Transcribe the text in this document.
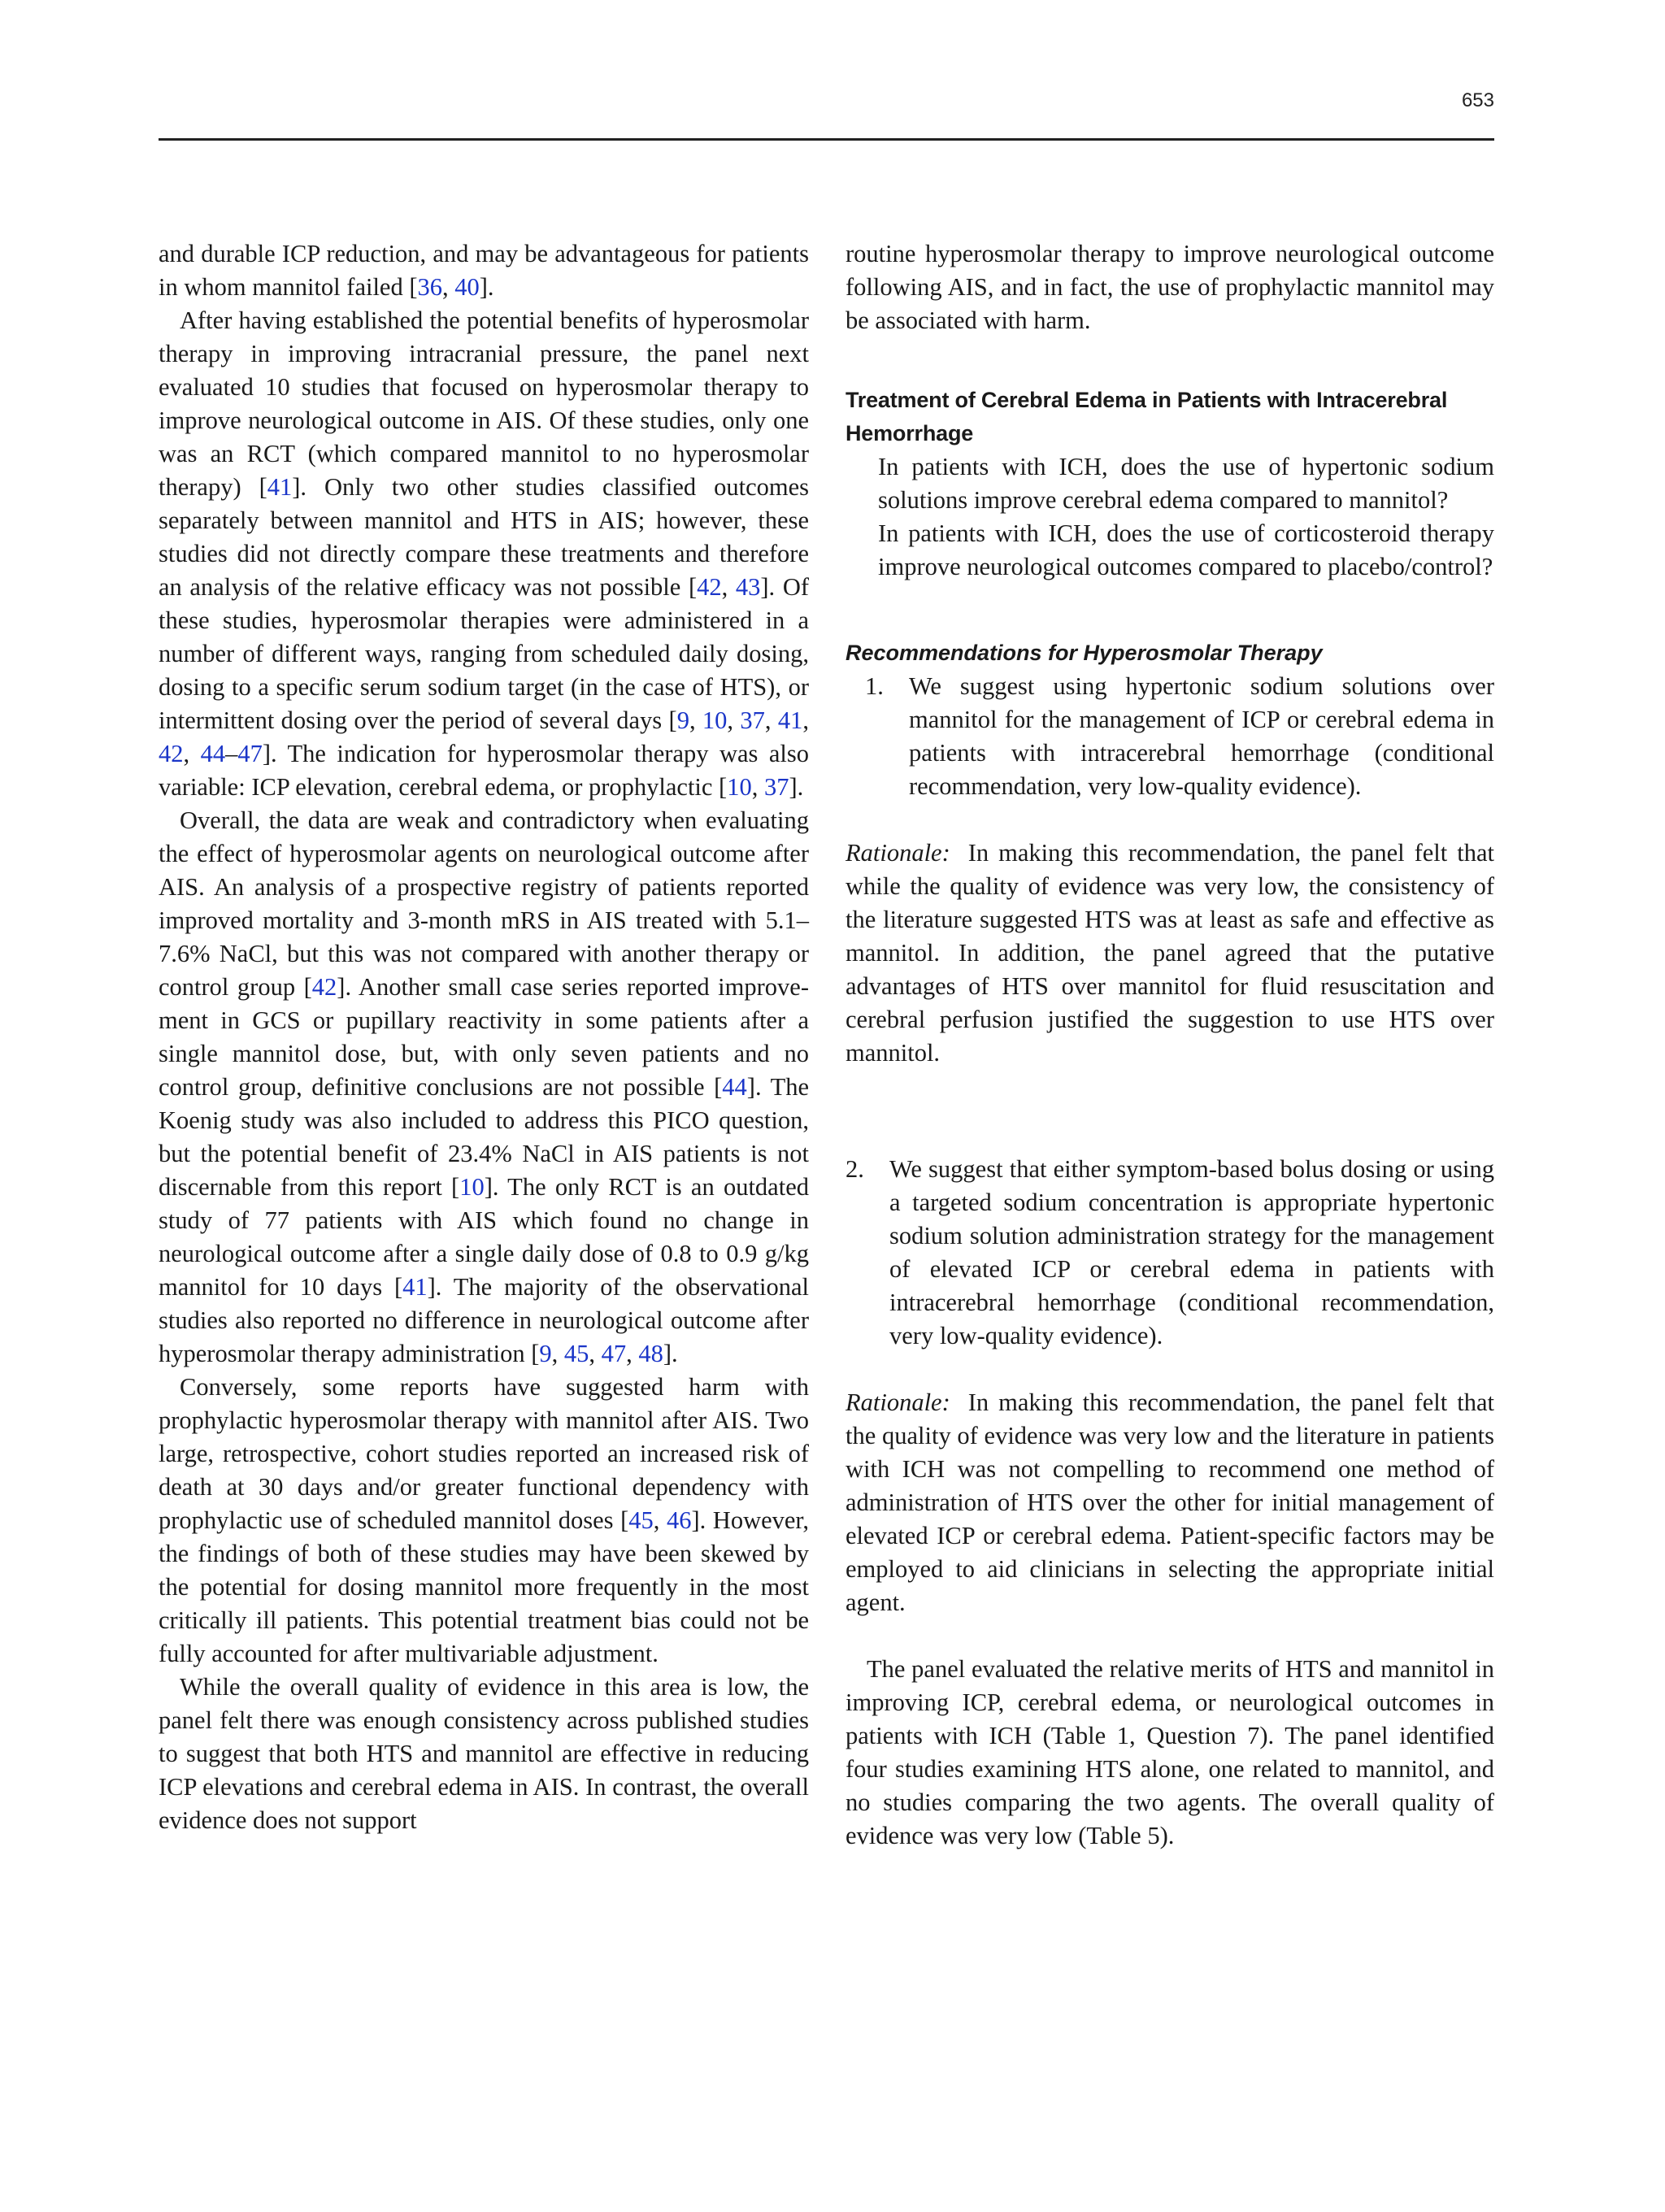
653

and durable ICP reduction, and may be advantageous for patients in whom mannitol failed [36, 40].

After having established the potential benefits of hyperosmolar therapy in improving intracranial pressure, the panel next evaluated 10 studies that focused on hyperosmolar therapy to improve neurological outcome in AIS. Of these studies, only one was an RCT (which compared mannitol to no hyperosmolar therapy) [41]. Only two other studies classified outcomes separately between mannitol and HTS in AIS; however, these studies did not directly compare these treatments and therefore an analysis of the relative efficacy was not possible [42, 43]. Of these studies, hyperosmolar therapies were administered in a number of different ways, ranging from scheduled daily dosing, dosing to a specific serum sodium target (in the case of HTS), or intermittent dosing over the period of several days [9, 10, 37, 41, 42, 44–47]. The indication for hyperosmolar therapy was also variable: ICP elevation, cerebral edema, or prophylactic [10, 37].

Overall, the data are weak and contradictory when evaluating the effect of hyperosmolar agents on neurological outcome after AIS. An analysis of a prospective registry of patients reported improved mortality and 3-month mRS in AIS treated with 5.1–7.6% NaCl, but this was not compared with another therapy or control group [42]. Another small case series reported improvement in GCS or pupillary reactivity in some patients after a single mannitol dose, but, with only seven patients and no control group, definitive conclusions are not possible [44]. The Koenig study was also included to address this PICO question, but the potential benefit of 23.4% NaCl in AIS patients is not discernable from this report [10]. The only RCT is an outdated study of 77 patients with AIS which found no change in neurological outcome after a single daily dose of 0.8 to 0.9 g/kg mannitol for 10 days [41]. The majority of the observational studies also reported no difference in neurological outcome after hyperosmolar therapy administration [9, 45, 47, 48].

Conversely, some reports have suggested harm with prophylactic hyperosmolar therapy with mannitol after AIS. Two large, retrospective, cohort studies reported an increased risk of death at 30 days and/or greater functional dependency with prophylactic use of scheduled mannitol doses [45, 46]. However, the findings of both of these studies may have been skewed by the potential for dosing mannitol more frequently in the most critically ill patients. This potential treatment bias could not be fully accounted for after multivariable adjustment.

While the overall quality of evidence in this area is low, the panel felt there was enough consistency across published studies to suggest that both HTS and mannitol are effective in reducing ICP elevations and cerebral edema in AIS. In contrast, the overall evidence does not support

routine hyperosmolar therapy to improve neurological outcome following AIS, and in fact, the use of prophylactic mannitol may be associated with harm.

Treatment of Cerebral Edema in Patients with Intracerebral Hemorrhage

In patients with ICH, does the use of hypertonic sodium solutions improve cerebral edema compared to mannitol?

In patients with ICH, does the use of corticosteroid therapy improve neurological outcomes compared to placebo/control?

Recommendations for Hyperosmolar Therapy
1.	We suggest using hypertonic sodium solutions over mannitol for the management of ICP or cerebral edema in patients with intracerebral hemorrhage (conditional recommendation, very low-quality evidence).

Rationale: In making this recommendation, the panel felt that while the quality of evidence was very low, the consistency of the literature suggested HTS was at least as safe and effective as mannitol. In addition, the panel agreed that the putative advantages of HTS over mannitol for fluid resuscitation and cerebral perfusion justified the suggestion to use HTS over mannitol.

2.	We suggest that either symptom-based bolus dosing or using a targeted sodium concentration is appropriate hypertonic sodium solution administration strategy for the management of elevated ICP or cerebral edema in patients with intracerebral hemorrhage (conditional recommendation, very low-quality evidence).

Rationale: In making this recommendation, the panel felt that the quality of evidence was very low and the literature in patients with ICH was not compelling to recommend one method of administration of HTS over the other for initial management of elevated ICP or cerebral edema. Patient-specific factors may be employed to aid clinicians in selecting the appropriate initial agent.

The panel evaluated the relative merits of HTS and mannitol in improving ICP, cerebral edema, or neurological outcomes in patients with ICH (Table 1, Question 7). The panel identified four studies examining HTS alone, one related to mannitol, and no studies comparing the two agents. The overall quality of evidence was very low (Table 5).
